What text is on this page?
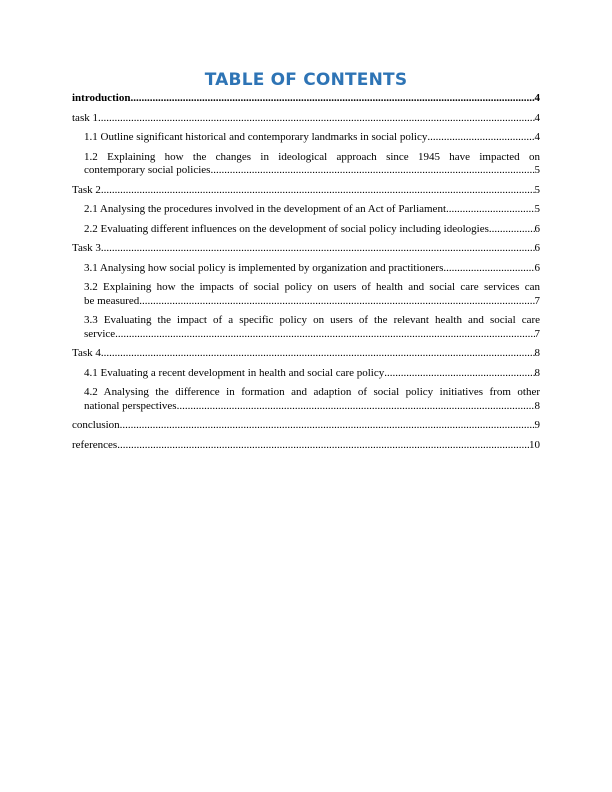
TABLE OF CONTENTS
introduction .....	4
task 1 .....	4
1.1 Outline significant historical and contemporary landmarks in social policy .....	4
1.2 Explaining how the changes in ideological approach since 1945 have impacted on
contemporary social policies .....	5
Task 2 .....	5
2.1 Analysing the procedures involved in the development of an Act of Parliament .....	5
2.2 Evaluating different influences on the development of social policy including ideologies. .....	6
Task 3 .....	6
3.1 Analysing how social policy is implemented by organization and practitioners .....	6
3.2 Explaining how the impacts of social policy on users of health and social care services can
be measured .....	7
3.3 Evaluating the impact of a specific policy on users of the relevant health and social care
service .....	7
Task 4 .....	8
4.1 Evaluating a recent development in health and social care policy .....	8
4.2 Analysing the difference in formation and adaption of social policy initiatives from other
national perspectives .....	8
conclusion .....	9
references .....	10
